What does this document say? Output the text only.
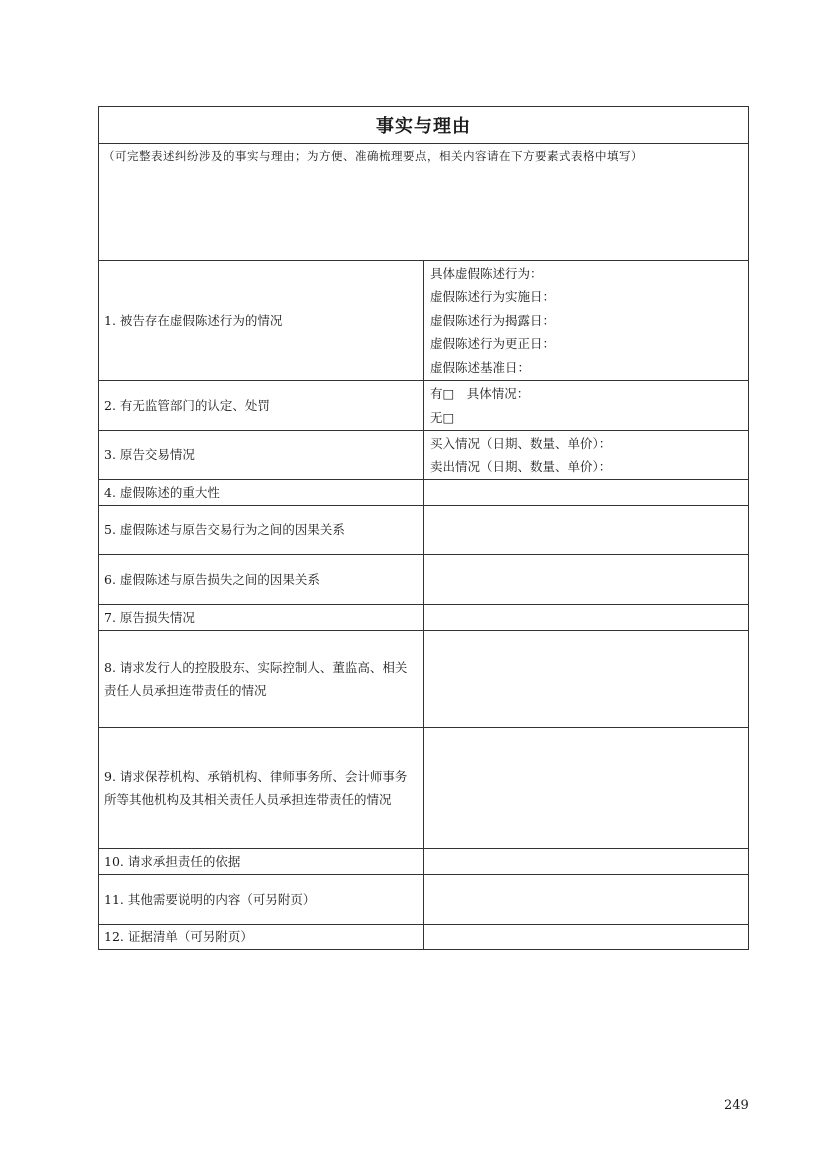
事实与理由	
（可完整表述纠纷涉及的事实与理由；为方便、准确梳理要点，相关内容请在下方要素式表格中填写）	
1. 被告存在虚假陈述行为的情况	具体虚假陈述行为：
虚假陈述行为实施日：
虚假陈述行为揭露日：
虚假陈述行为更正日：
虚假陈述基准日：

2. 有无监管部门的认定、处罚	有□　具体情况：
无□

3. 原告交易情况	买入情况（日期、数量、单价）：
卖出情况（日期、数量、单价）：

4. 虚假陈述的重大性	
5. 虚假陈述与原告交易行为之间的因果关系	
6. 虚假陈述与原告损失之间的因果关系	
7. 原告损失情况	
8. 请求发行人的控股股东、实际控制人、董监高、相关责任人员承担连带责任的情况	
9. 请求保荐机构、承销机构、律师事务所、会计师事务所等其他机构及其相关责任人员承担连带责任的情况	
10. 请求承担责任的依据	
11. 其他需要说明的内容（可另附页）	
12. 证据清单（可另附页）	
249
